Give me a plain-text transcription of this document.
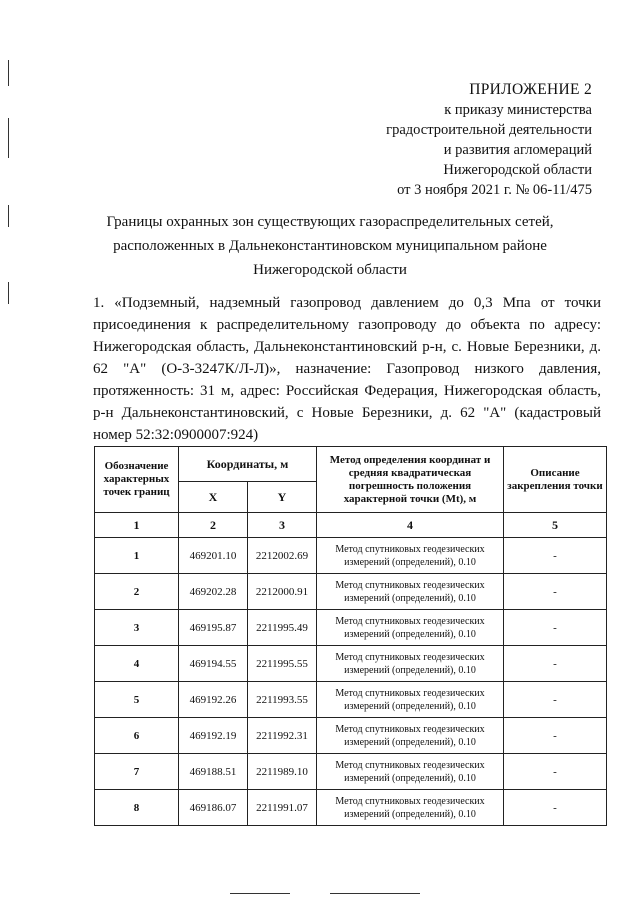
ПРИЛОЖЕНИЕ 2
к приказу министерства
градостроительной деятельности
и развития агломераций
Нижегородской области
от 3 ноября 2021 г. № 06-11/475
Границы охранных зон существующих газораспределительных сетей,
расположенных в Дальнеконстантиновском муниципальном районе
Нижегородской области
1. «Подземный, надземный газопровод давлением до 0,3 Мпа от точки присоединения к распределительному газопроводу до объекта по адресу: Нижегородская область, Дальнеконстантиновский р-н, с. Новые Березники, д. 62 "А" (О-3-3247К/Л-Л)», назначение: Газопровод низкого давления, протяженность: 31 м, адрес: Российская Федерация, Нижегородская область, р-н Дальнеконстантиновский, с Новые Березники, д. 62 "А" (кадастровый номер 52:32:0900007:924)
Обозначение характерных точек границ	Координаты, м		Метод определения координат и средняя квадратическая погрешность положения характерной точки (Mt), м	Описание закрепления точки
	X	Y		
1	2	3	4	5
1	469201.10	2212002.69	Метод спутниковых геодезических измерений (определений), 0.10	-
2	469202.28	2212000.91	Метод спутниковых геодезических измерений (определений), 0.10	-
3	469195.87	2211995.49	Метод спутниковых геодезических измерений (определений), 0.10	-
4	469194.55	2211995.55	Метод спутниковых геодезических измерений (определений), 0.10	-
5	469192.26	2211993.55	Метод спутниковых геодезических измерений (определений), 0.10	-
6	469192.19	2211992.31	Метод спутниковых геодезических измерений (определений), 0.10	-
7	469188.51	2211989.10	Метод спутниковых геодезических измерений (определений), 0.10	-
8	469186.07	2211991.07	Метод спутниковых геодезических измерений (определений), 0.10	-
